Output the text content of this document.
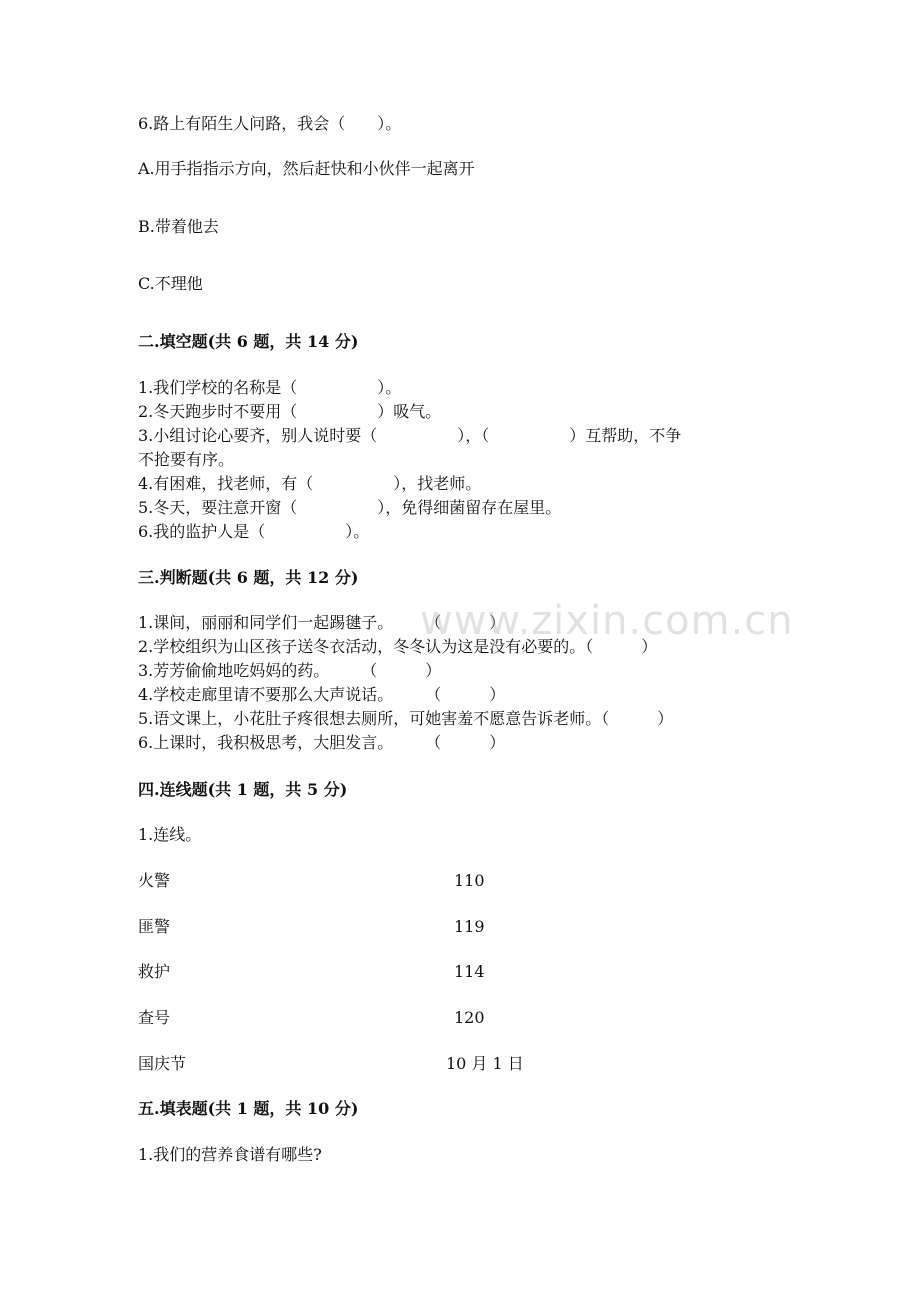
6.路上有陌生人问路，我会（　　）。
A.用手指指示方向，然后赶快和小伙伴一起离开
B.带着他去
C.不理他
二.填空题(共 6 题，共 14 分)
1.我们学校的名称是（　　　　　）。
2.冬天跑步时不要用（　　　　　）吸气。
3.小组讨论心要齐，别人说时要（　　　　　），（　　　　　）互帮助，不争
不抢要有序。
4.有困难，找老师，有（　　　　　），找老师。
5.冬天，要注意开窗（　　　　　），免得细菌留存在屋里。
6.我的监护人是（　　　　　）。
三.判断题(共 6 题，共 12 分)
1.课间，丽丽和同学们一起踢毽子。　　　（　　　）
2.学校组织为山区孩子送冬衣活动，冬冬认为这是没有必要的。（　　　）
3.芳芳偷偷地吃妈妈的药。　　　（　　　）
4.学校走廊里请不要那么大声说话。　　　（　　　）
5.语文课上，小花肚子疼很想去厕所，可她害羞不愿意告诉老师。（　　　）
6.上课时，我积极思考，大胆发言。　　　（　　　）
www.zixin.com.cn
四.连线题(共 1 题，共 5 分)
1.连线。
火警	110
匪警	119
救护	114
查号	120
国庆节	10 月 1 日
五.填表题(共 1 题，共 10 分)
1.我们的营养食谱有哪些?
